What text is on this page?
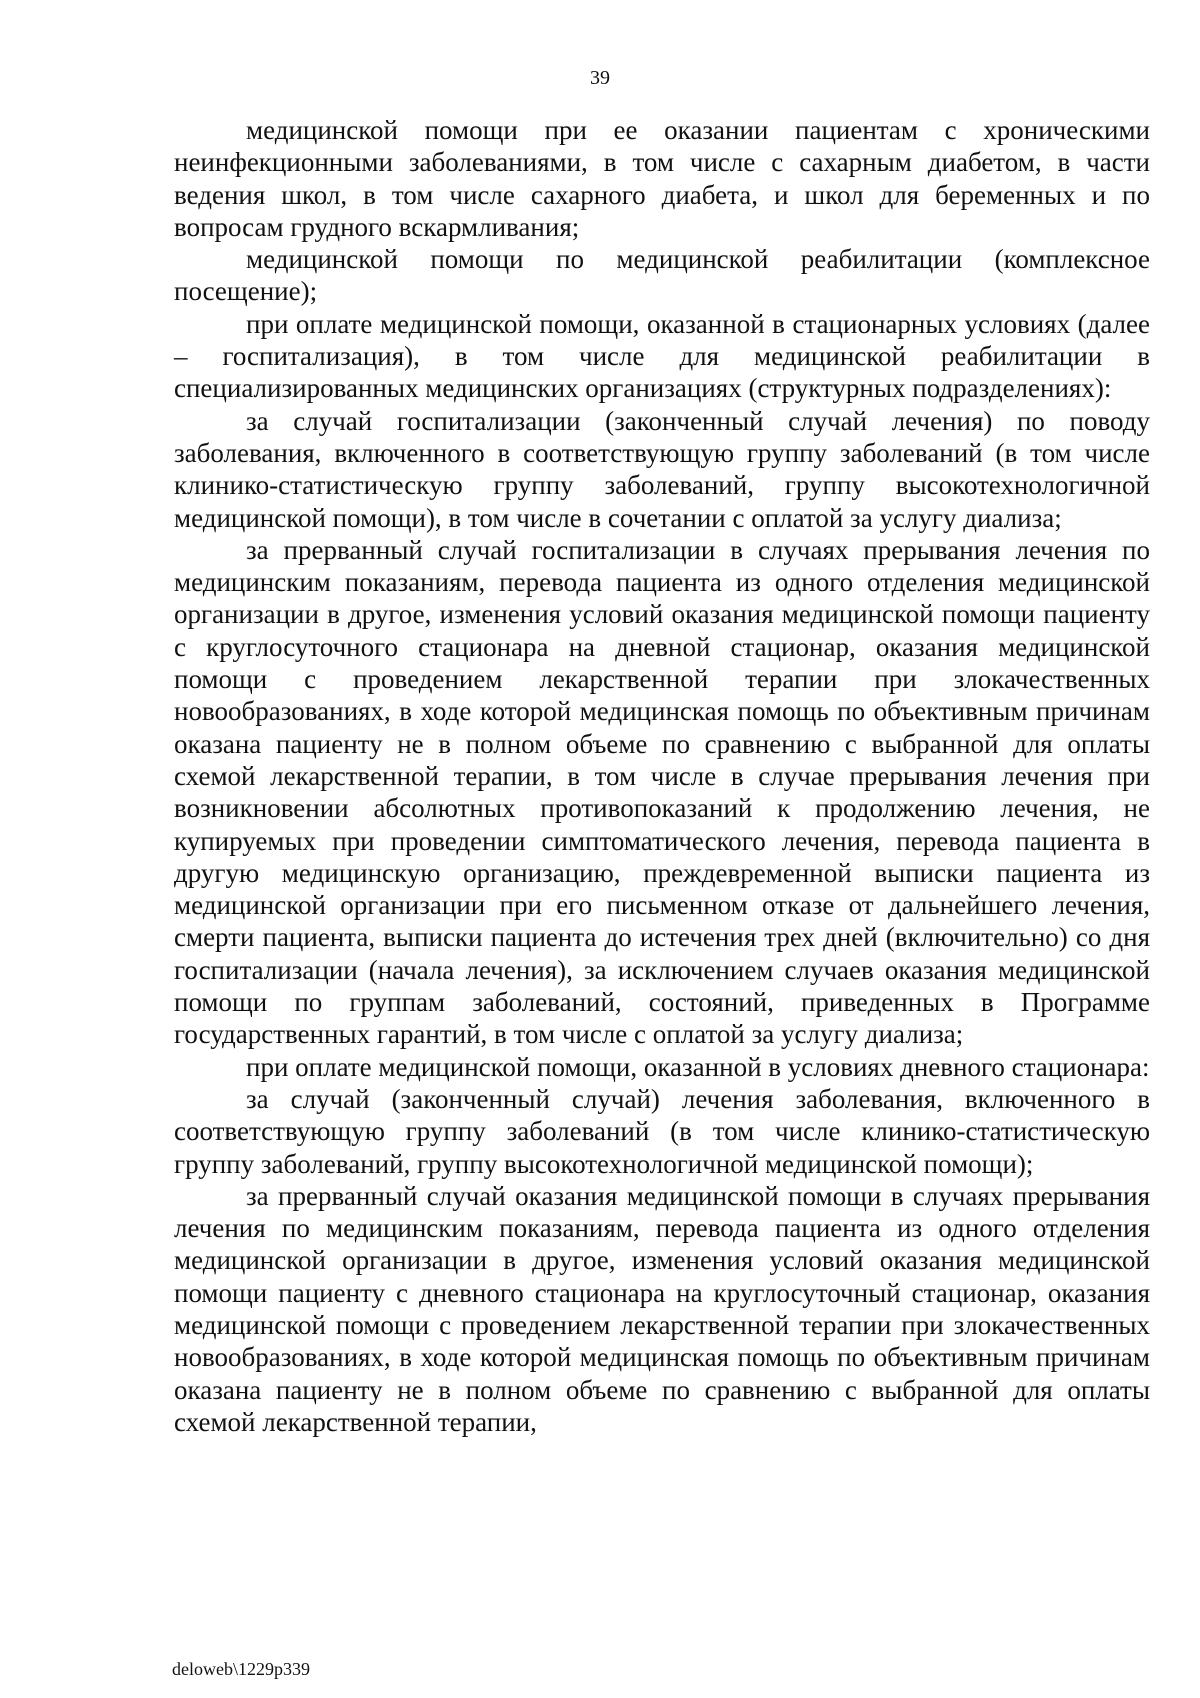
39

медицинской помощи при ее оказании пациентам с хроническими неинфекционными заболеваниями, в том числе с сахарным диабетом, в части ведения школ, в том числе сахарного диабета, и школ для беременных и по вопросам грудного вскармливания;

медицинской помощи по медицинской реабилитации (комплексное посещение);

при оплате медицинской помощи, оказанной в стационарных условиях (далее – госпитализация), в том числе для медицинской реабилитации в специализированных медицинских организациях (структурных подразделениях):

за случай госпитализации (законченный случай лечения) по поводу заболевания, включенного в соответствующую группу заболеваний (в том числе клинико-статистическую группу заболеваний, группу высокотехнологичной медицинской помощи), в том числе в сочетании с оплатой за услугу диализа;

за прерванный случай госпитализации в случаях прерывания лечения по медицинским показаниям, перевода пациента из одного отделения медицинской организации в другое, изменения условий оказания медицинской помощи пациенту с круглосуточного стационара на дневной стационар, оказания медицинской помощи с проведением лекарственной терапии при злокачественных новообразованиях, в ходе которой медицинская помощь по объективным причинам оказана пациенту не в полном объеме по сравнению с выбранной для оплаты схемой лекарственной терапии, в том числе в случае прерывания лечения при возникновении абсолютных противопоказаний к продолжению лечения, не купируемых при проведении симптоматического лечения, перевода пациента в другую медицинскую организацию, преждевременной выписки пациента из медицинской организации при его письменном отказе от дальнейшего лечения, смерти пациента, выписки пациента до истечения трех дней (включительно) со дня госпитализации (начала лечения), за исключением случаев оказания медицинской помощи по группам заболеваний, состояний, приведенных в Программе государственных гарантий, в том числе с оплатой за услугу диализа;

при оплате медицинской помощи, оказанной в условиях дневного стационара:

за случай (законченный случай) лечения заболевания, включенного в соответствующую группу заболеваний (в том числе клинико-статистическую группу заболеваний, группу высокотехнологичной медицинской помощи);

за прерванный случай оказания медицинской помощи в случаях прерывания лечения по медицинским показаниям, перевода пациента из одного отделения медицинской организации в другое, изменения условий оказания медицинской помощи пациенту с дневного стационара на круглосуточный стационар, оказания медицинской помощи с проведением лекарственной терапии при злокачественных новообразованиях, в ходе которой медицинская помощь по объективным причинам оказана пациенту не в полном объеме по сравнению с выбранной для оплаты схемой лекарственной терапии,

deloweb\1229p339
